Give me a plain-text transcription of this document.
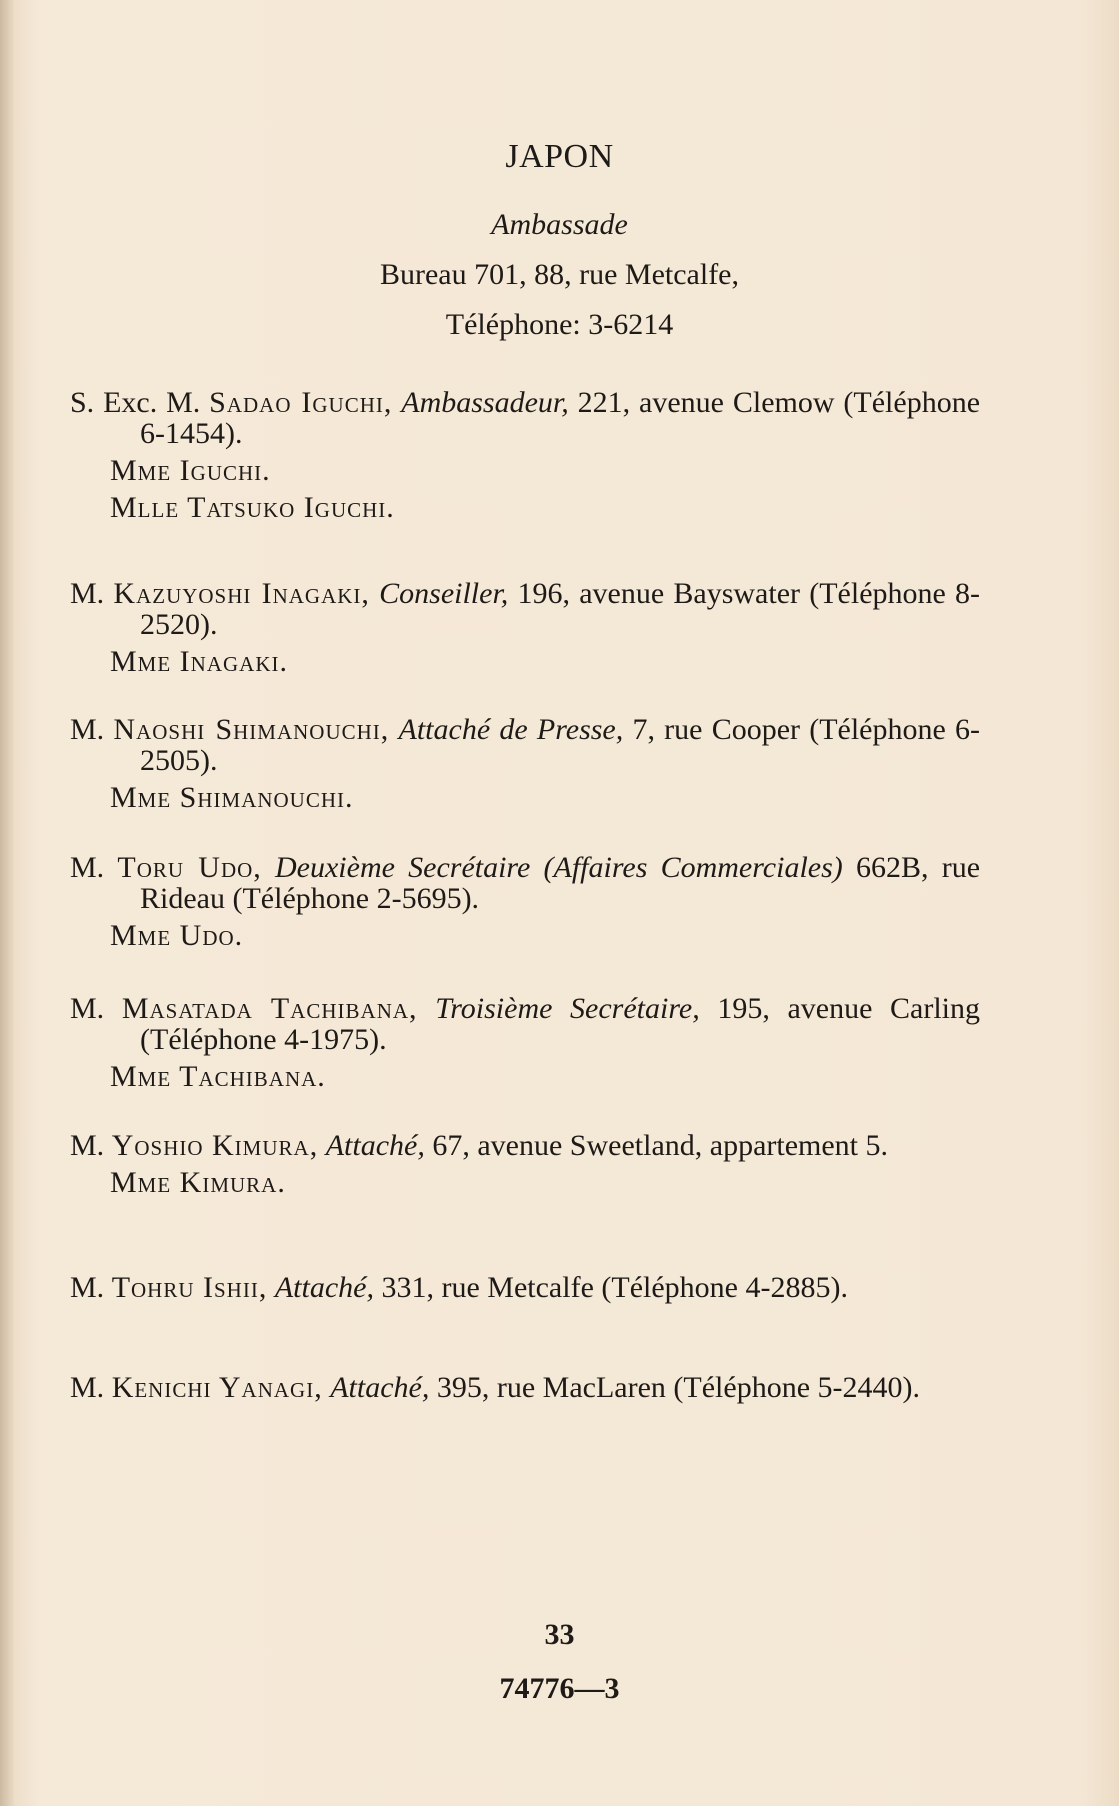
JAPON
Ambassade
Bureau 701, 88, rue Metcalfe,
Téléphone: 3-6214
S. Exc. M. Sadao Iguchi, Ambassadeur, 221, avenue Clemow (Téléphone 6-1454).
Mme Iguchi.
Mlle Tatsuko Iguchi.
M. Kazuyoshi Inagaki, Conseiller, 196, avenue Bayswater (Téléphone 8-2520).
Mme Inagaki.
M. Naoshi Shimanouchi, Attaché de Presse, 7, rue Cooper (Téléphone 6-2505).
Mme Shimanouchi.
M. Toru Udo, Deuxième Secrétaire (Affaires Commerciales) 662B, rue Rideau (Téléphone 2-5695).
Mme Udo.
M. Masatada Tachibana, Troisième Secrétaire, 195, avenue Carling (Téléphone 4-1975).
Mme Tachibana.
M. Yoshio Kimura, Attaché, 67, avenue Sweetland, appartement 5.
Mme Kimura.
M. Tohru Ishii, Attaché, 331, rue Metcalfe (Téléphone 4-2885).
M. Kenichi Yanagi, Attaché, 395, rue MacLaren (Téléphone 5-2440).
33
74776—3
